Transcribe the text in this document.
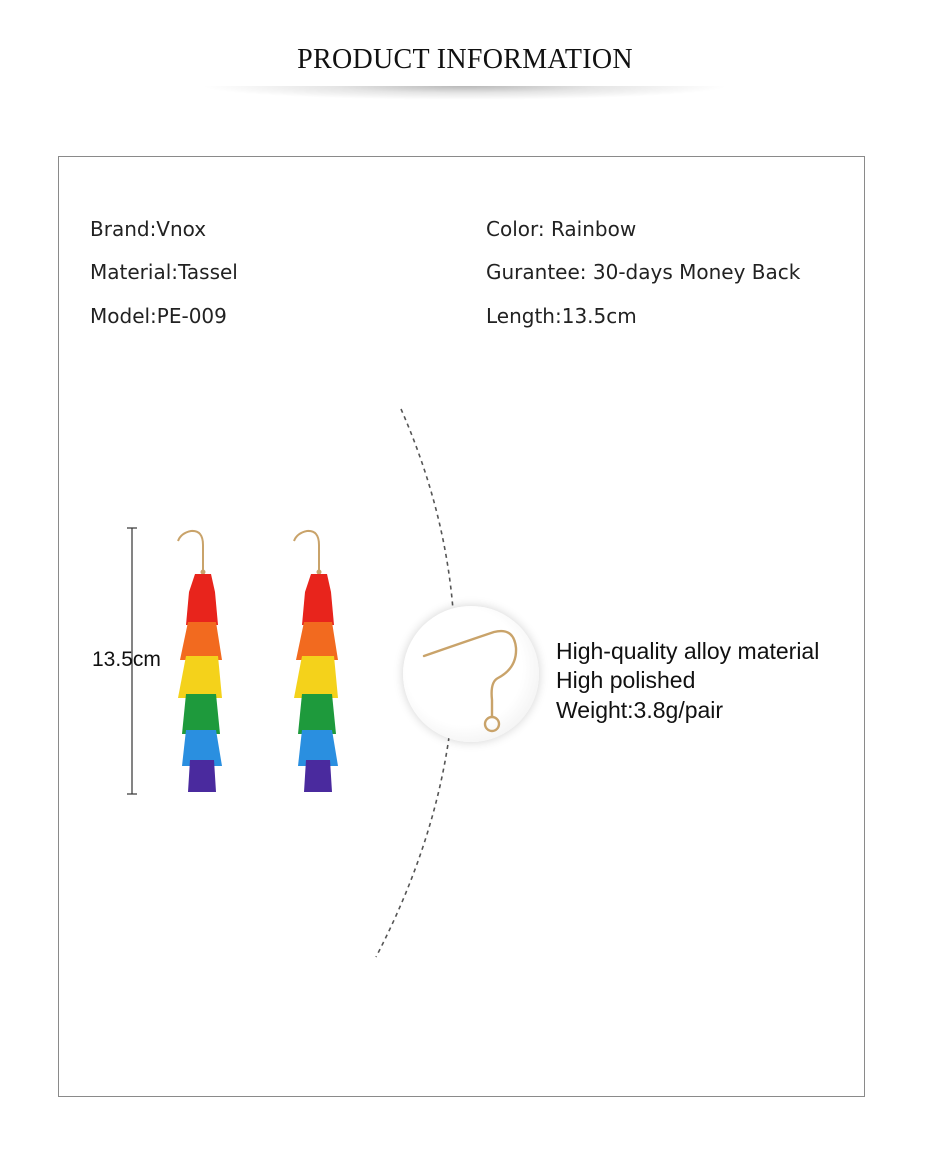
PRODUCT INFORMATION
Brand:Vnox
Material:Tassel
Model:PE-009
Color: Rainbow
Gurantee: 30-days Money Back
Length:13.5cm
13.5cm	High-quality alloy material
High polished
Weight:3.8g/pair
